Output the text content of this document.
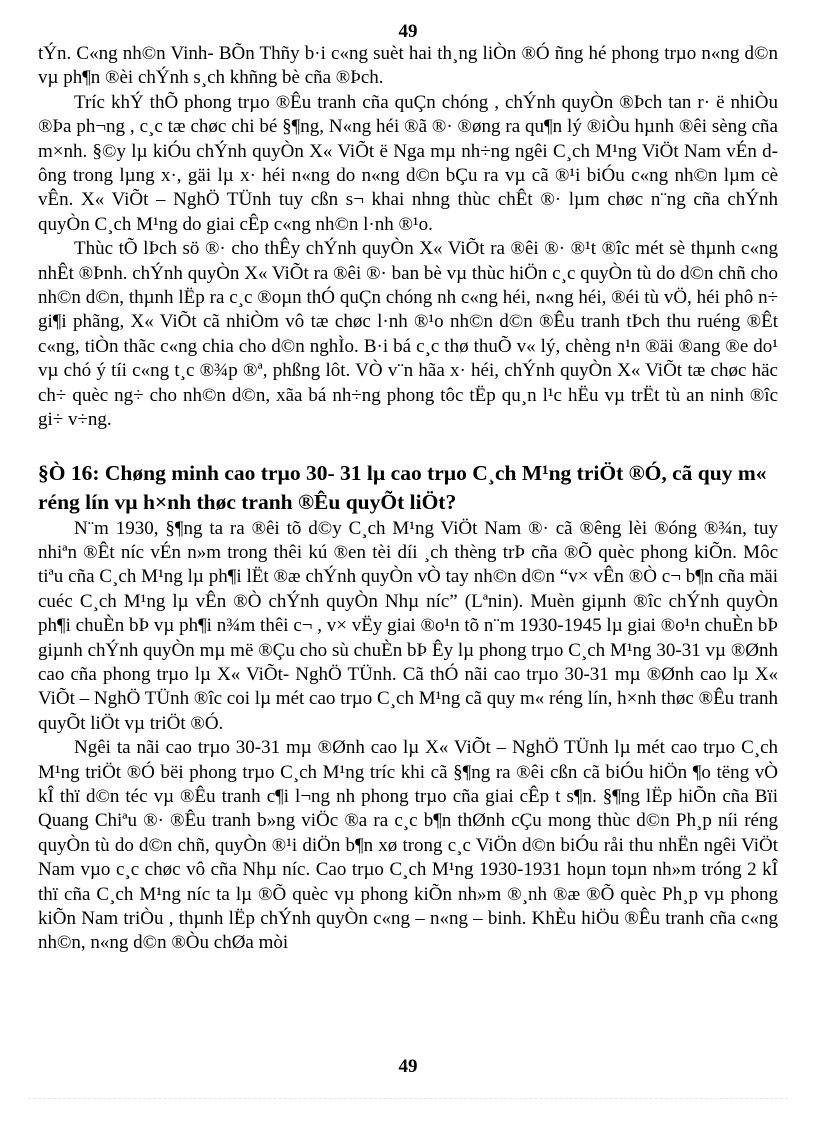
49

tÝn. C«ng nh©n Vinh- BÕn Thñy b·i c«ng suèt hai th¸ng liÒn ®Ó ñng hé phong trµo n«ng d©n vµ ph¶n ®èi chÝnh s¸ch khñng bè cña ®Þch.

Tríc khÝ thÕ phong trµo ®Êu tranh cña quÇn chóng , chÝnh quyÒn ®Þch tan r· ë nhiÒu ®Þa ph¬ng , c¸c tæ chøc chi bé §¶ng, N«ng héi ®ã ®· ®øng ra qu¶n lý ®iÒu hµnh ®êi sèng cña m×nh. §©y lµ kiÓu chÝnh quyÒn X« ViÕt ë Nga mµ nh÷ng ngêi C¸ch M¹ng ViÖt Nam vÉn dông trong lµng x·, gäi lµ x· héi n«ng do n«ng d©n bÇu ra vµ cã ®¹i biÓu c«ng nh©n lµm cè vÊn. X« ViÕt – NghÖ TÜnh tuy cßn s¬ khai nhng thùc chÊt ®· lµm chøc n¨ng cña chÝnh quyÒn C¸ch M¹ng do giai cÊp c«ng nh©n l·nh ®¹o.

Thùc tÕ lÞch sö ®· cho thÊy chÝnh quyÒn X« ViÕt ra ®êi ®· ®¹t ®îc mét sè thµnh c«ng nhÊt ®Þnh. chÝnh quyÒn X« ViÕt ra ®êi ®· ban bè vµ thùc hiÖn c¸c quyÒn tù do d©n chñ cho nh©n d©n, thµnh lËp ra c¸c ®oµn thÓ quÇn chóng nh c«ng héi, n«ng héi, ®éi tù vÖ, héi phô n÷ gi¶i phãng, X« ViÕt cã nhiÒm vô tæ chøc l·nh ®¹o nh©n d©n ®Êu tranh tÞch thu ruéng ®Êt c«ng, tiÒn thãc c«ng chia cho d©n nghÌo. B·i bá c¸c thø thuÕ v« lý, chèng n¹n ®äi ®ang ®e do¹ vµ chó ý tíi c«ng t¸c ®¾p ®ª, phßng lôt. VÒ v¨n hãa x· héi, chÝnh quyÒn X« ViÕt tæ chøc häc ch÷ quèc ng÷ cho nh©n d©n, xãa bá nh÷ng phong tôc tËp qu¸n l¹c hËu vµ trËt tù an ninh ®îc gi÷ v÷ng.

§Ò 16: Chøng minh cao trµo 30- 31 lµ cao trµo C¸ch M¹ng triÖt ®Ó, cã quy m« réng lín vµ h×nh thøc tranh ®Êu quyÕt liÖt?

N¨m 1930, §¶ng ta ra ®êi tõ d©y C¸ch M¹ng ViÖt Nam ®· cã ®êng lèi ®óng ®¾n, tuy nhiªn ®Êt níc vÉn n»m trong thêi kú ®en tèi díi ¸ch thèng trÞ cña ®Õ quèc phong kiÕn. Môc tiªu cña C¸ch M¹ng lµ ph¶i lËt ®æ chÝnh quyÒn vÒ tay nh©n d©n “v× vÊn ®Ò c¬ b¶n cña mäi cuéc C¸ch M¹ng lµ vÊn ®Ò chÝnh quyÒn Nhµ níc” (Lªnin). Muèn giµnh ®îc chÝnh quyÒn ph¶i chuÈn bÞ vµ ph¶i n¾m thêi c¬ , v× vËy giai ®o¹n tõ n¨m 1930-1945 lµ giai ®o¹n chuÈn bÞ giµnh chÝnh quyÒn mµ më ®Çu cho sù chuÈn bÞ Êy lµ phong trµo C¸ch M¹ng 30-31 vµ ®Ønh cao cña phong trµo lµ X« ViÕt- NghÖ TÜnh. Cã thÓ nãi cao trµo 30-31 mµ ®Ønh cao lµ X« ViÕt – NghÖ TÜnh ®îc coi lµ mét cao trµo C¸ch M¹ng cã quy m« réng lín, h×nh thøc ®Êu tranh quyÕt liÖt vµ triÖt ®Ó.

Ngêi ta nãi cao trµo 30-31 mµ ®Ønh cao lµ X« ViÕt – NghÖ TÜnh lµ mét cao trµo C¸ch M¹ng triÖt ®Ó bëi phong trµo C¸ch M¹ng tríc khi cã §¶ng ra ®êi cßn cã biÓu hiÖn ¶o tëng vÒ kÎ thï d©n téc vµ ®Êu tranh c¶i l¬ng nh phong trµo cña giai cÊp t s¶n. §¶ng lËp hiÕn cña Bïi Quang Chiªu ®· ®Êu tranh b»ng viÖc ®a ra c¸c b¶n thØnh cÇu mong thùc d©n Ph¸p níi réng quyÒn tù do d©n chñ, quyÒn ®¹i diÖn b¶n xø trong c¸c ViÖn d©n biÓu råi thu nhËn ngêi ViÖt Nam vµo c¸c chøc vô cña Nhµ níc. Cao trµo C¸ch M¹ng 1930-1931 hoµn toµn nh»m tróng 2 kÎ thï cña C¸ch M¹ng níc ta lµ ®Õ quèc vµ phong kiÕn nh»m ®¸nh ®æ ®Õ quèc Ph¸p vµ phong kiÕn Nam triÒu , thµnh lËp chÝnh quyÒn c«ng – n«ng – binh. KhÈu hiÖu ®Êu tranh cña c«ng nh©n, n«ng d©n ®Òu chØa mòi

49
